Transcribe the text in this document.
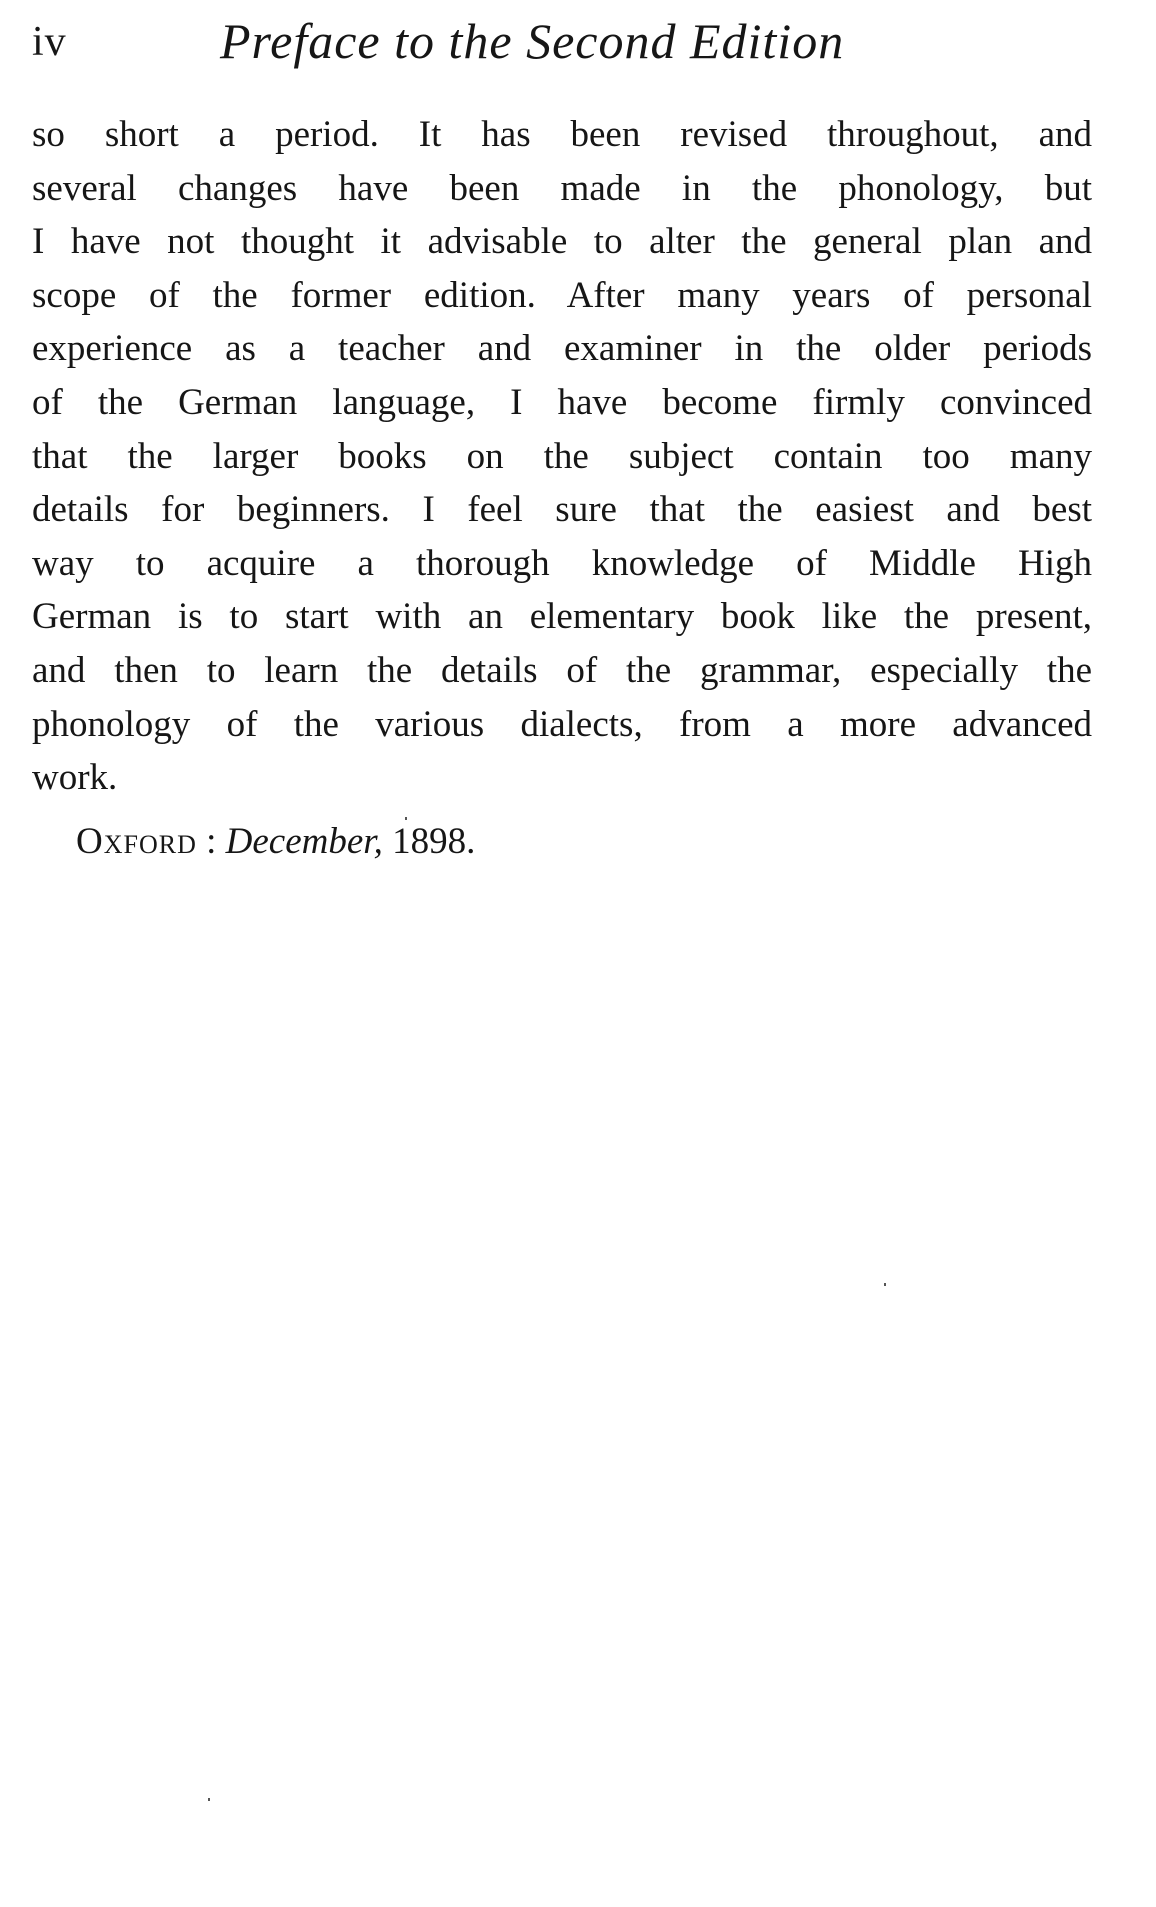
iv	Preface to the Second Edition
so short a period. It has been revised throughout, and
several changes have been made in the phonology, but
I have not thought it advisable to alter the general plan and
scope of the former edition. After many years of personal
experience as a teacher and examiner in the older periods
of the German language, I have become firmly convinced
that the larger books on the subject contain too many
details for beginners. I feel sure that the easiest and best
way to acquire a thorough knowledge of Middle High
German is to start with an elementary book like the present,
and then to learn the details of the grammar, especially the
phonology of the various dialects, from a more advanced
work.
Oxford : December, 1898.
